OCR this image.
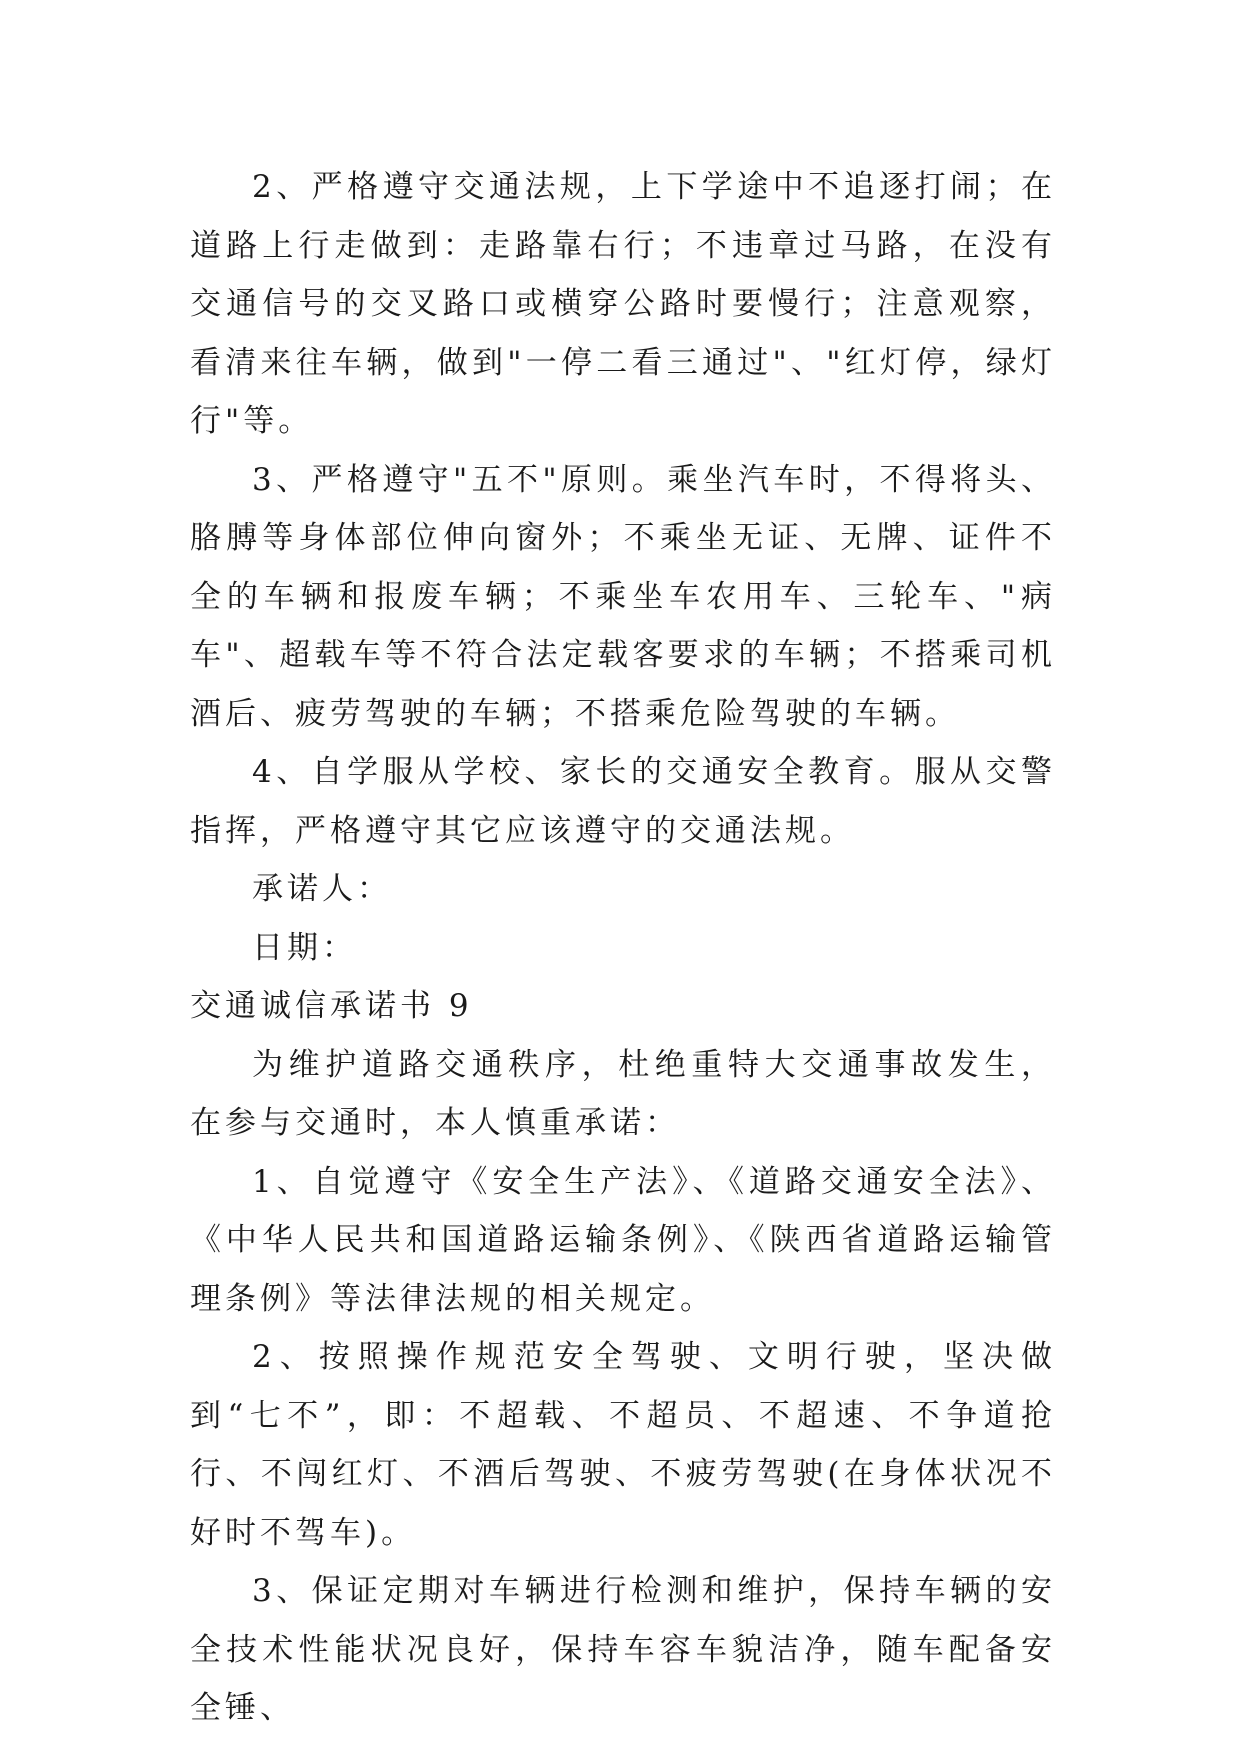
2、严格遵守交通法规，上下学途中不追逐打闹；在道路上行走做到：走路靠右行；不违章过马路，在没有交通信号的交叉路口或横穿公路时要慢行；注意观察，看清来往车辆，做到"一停二看三通过"、"红灯停，绿灯行"等。

3、严格遵守"五不"原则。乘坐汽车时，不得将头、胳膊等身体部位伸向窗外；不乘坐无证、无牌、证件不全的车辆和报废车辆；不乘坐车农用车、三轮车、"病车"、超载车等不符合法定载客要求的车辆；不搭乘司机酒后、疲劳驾驶的车辆；不搭乘危险驾驶的车辆。

4、自学服从学校、家长的交通安全教育。服从交警指挥，严格遵守其它应该遵守的交通法规。

承诺人：

日期：

交通诚信承诺书 9

为维护道路交通秩序，杜绝重特大交通事故发生，在参与交通时，本人慎重承诺：

1、自觉遵守《安全生产法》、《道路交通安全法》、《中华人民共和国道路运输条例》、《陕西省道路运输管理条例》等法律法规的相关规定。

2、按照操作规范安全驾驶、文明行驶，坚决做到“七不”，即：不超载、不超员、不超速、不争道抢行、不闯红灯、不酒后驾驶、不疲劳驾驶(在身体状况不好时不驾车)。

3、保证定期对车辆进行检测和维护，保持车辆的安全技术性能状况良好，保持车容车貌洁净，随车配备安全锤、
